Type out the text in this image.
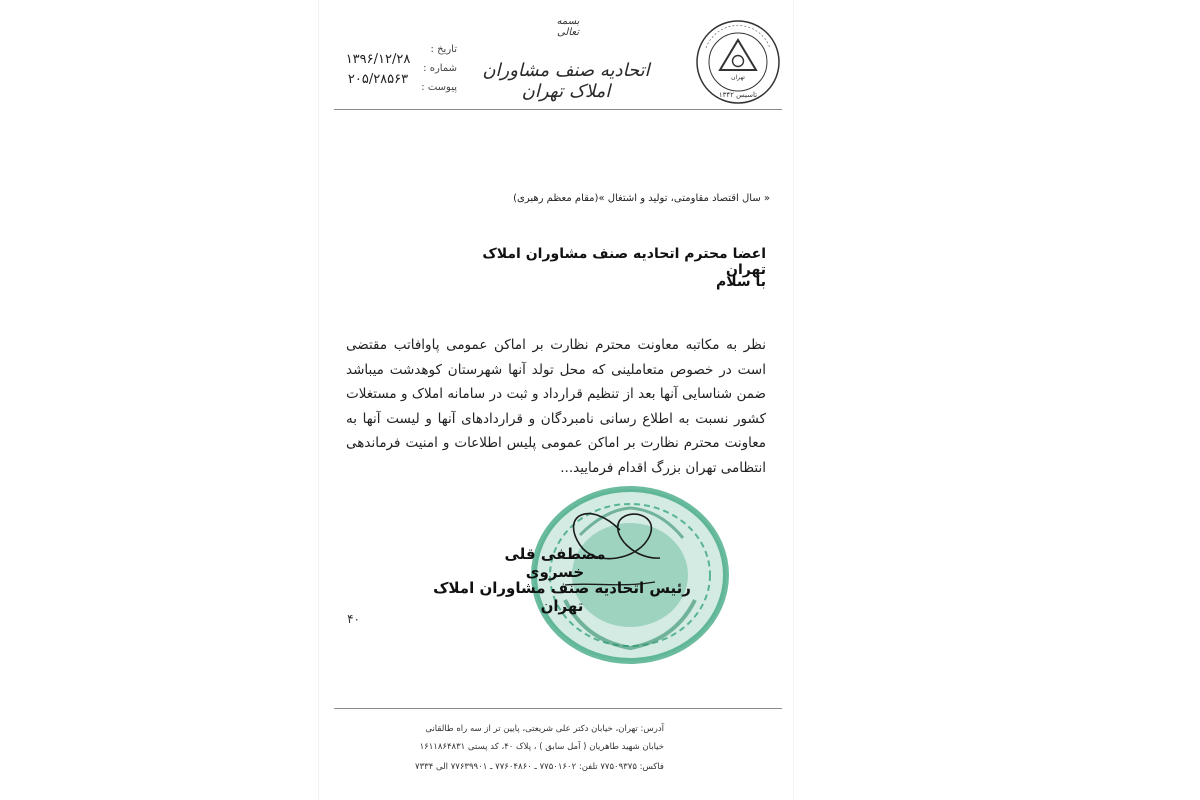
تهران
تاسیس ۱۳۴۲
بسمه تعالی
اتحادیه صنف مشاوران املاک تهران
تاریخ :
شماره :
پیوست :
۱۳۹۶/۱۲/۲۸
۲۰۵/۲۸۵۶۳
« سال اقتصاد مقاومتی، تولید و اشتغال »(مقام معظم رهبری)
اعضا محترم اتحادیه صنف مشاوران املاک تهران
با سلام
نظر به مکاتبه معاونت محترم نظارت بر اماکن عمومی پاوافاتب مقتضی است در خصوص متعاملینی که محل تولد آنها شهرستان کوهدشت میباشد ضمن شناسایی آنها بعد از تنظیم قرارداد و ثبت در سامانه املاک و مستغلات کشور نسبت به اطلاع رسانی نامبردگان و قراردادهای آنها و لیست آنها به معاونت محترم نظارت بر اماکن عمومی پلیس اطلاعات و امنیت فرماندهی انتظامی تهران بزرگ اقدام فرمایید...
مصطفی قلی خسروی
رئیس اتحادیه صنف مشاوران املاک تهران
۴۰
آدرس: تهران، خیابان دکتر علی شریعتی، پایین تر از سه راه طالقانی
خیابان شهید طاهریان ( آمل سابق ) ، پلاک ۴۰، کد پستی ۱۶۱۱۸۶۴۸۳۱
فاکس: ۷۷۵۰۹۳۷۵ تلفن: ۷۷۵۰۱۶۰۲ ـ ۷۷۶۰۴۸۶۰ ـ ۷۷۶۳۹۹۰۱ الی ۷۳۳۴
